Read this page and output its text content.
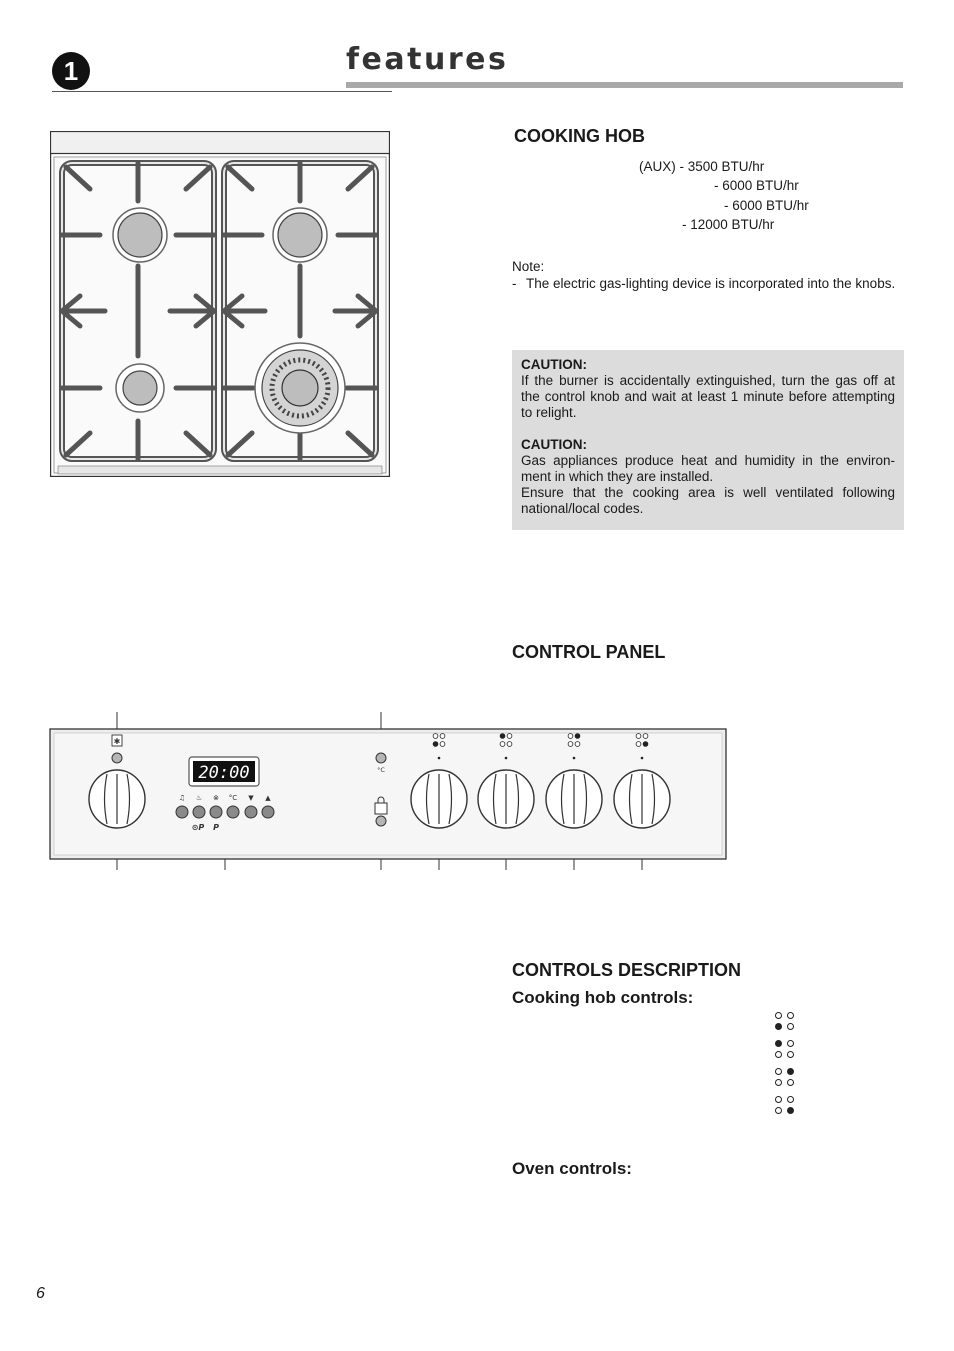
1	features
COOKING HOB
(AUX) - 3500 BTU/hr
- 6000 BTU/hr
- 6000 BTU/hr
- 12000 BTU/hr
Note:
- The electric gas-lighting device is incorporated into the knobs.
CAUTION:
If the burner is accidentally extinguished, turn the gas off at the control knob and wait at least 1 minute before attempting to relight.
CAUTION:
Gas appliances produce heat and humidity in the environ-ment in which they are installed.
Ensure that the cooking area is well ventilated following national/local codes.
CONTROL PANEL
✱
°C
20:00
♫ ♨ ⊗ °C ▼ ▲
⊙P P
CONTROLS DESCRIPTION
Cooking hob controls:
Oven controls:
6
